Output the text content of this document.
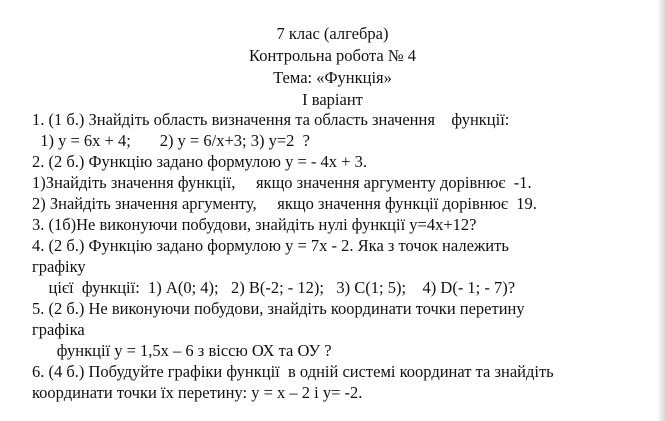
7 клас (алгебра)
Контрольна робота № 4
Тема: «Функція»
I варіант
1. (1 б.) Знайдіть область визначення та область значення    функції:
1) у = 6х + 4;       2) у = 6/х+3; 3) у=2  ?
2. (2 б.) Функцію задано формулою у = - 4х + 3.
1)Знайдіть значення функції,     якщо значення аргументу дорівнює  -1.
2) Знайдіть значення аргументу,     якщо значення функції дорівнює  19.
3. (1б)Не виконуючи побудови, знайдіть нулі функції у=4х+12?
4. (2 б.) Функцію задано формулою у = 7х - 2. Яка з точок належить
графіку
цієї  функції:  1) А(0; 4);   2) В(-2; - 12);   3) С(1; 5);    4) D(- 1; - 7)?
5. (2 б.) Не виконуючи побудови, знайдіть координати точки перетину
графіка
функції у = 1,5х – 6 з віссю ОХ та ОУ ?
6. (4 б.) Побудуйте графіки функції  в одній системі координат та знайдіть
координати точки їх перетину: у = х – 2 і у= -2.
